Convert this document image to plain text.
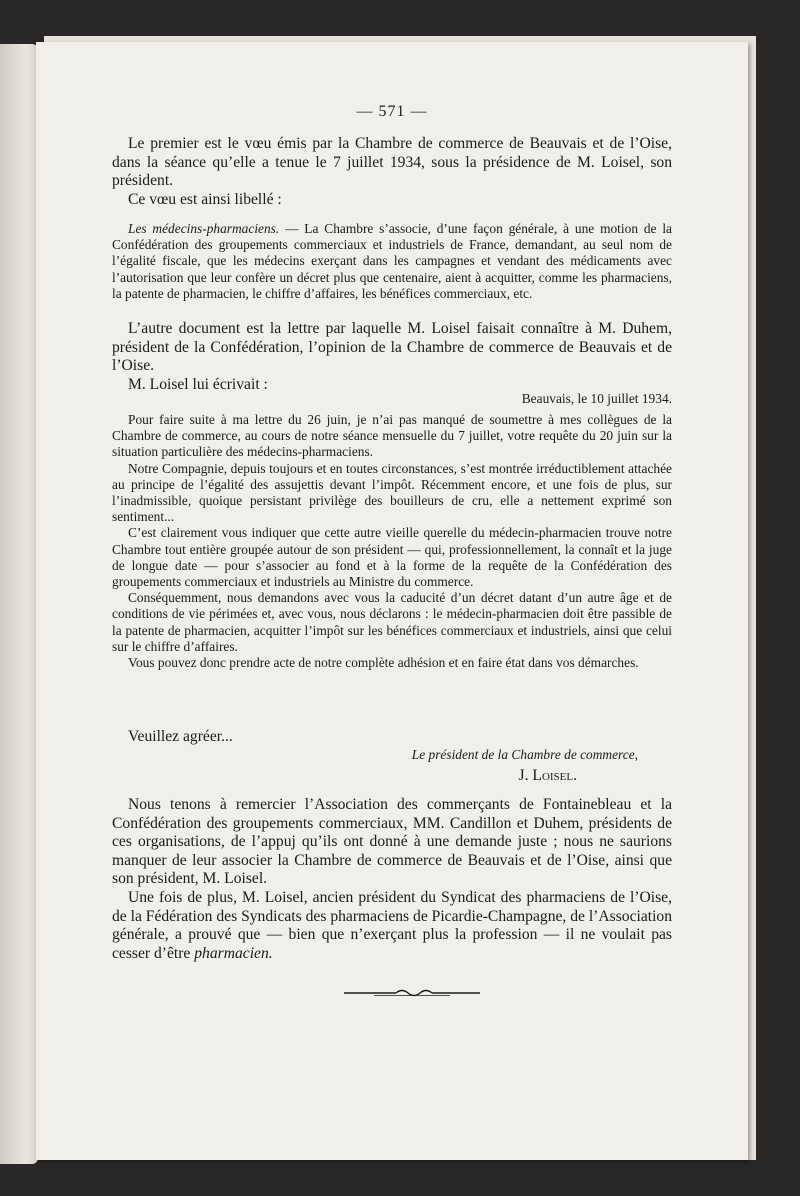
— 571 —

Le premier est le vœu émis par la Chambre de commerce de Beauvais et de l’Oise, dans la séance qu’elle a tenue le 7 juillet 1934, sous la présidence de M. Loisel, son président.

Ce vœu est ainsi libellé :

Les médecins-pharmaciens. — La Chambre s’associe, d’une façon générale, à une motion de la Confédération des groupements commerciaux et industriels de France, demandant, au seul nom de l’égalité fiscale, que les médecins exerçant dans les campagnes et vendant des médicaments avec l’autorisation que leur confère un décret plus que centenaire, aient à acquitter, comme les pharmaciens, la patente de pharmacien, le chiffre d’affaires, les bénéfices commerciaux, etc.

L’autre document est la lettre par laquelle M. Loisel faisait connaître à M. Duhem, président de la Confédération, l’opinion de la Chambre de commerce de Beauvais et de l’Oise.

M. Loisel lui écrivait :

Beauvais, le 10 juillet 1934.

Pour faire suite à ma lettre du 26 juin, je n’ai pas manqué de soumettre à mes collègues de la Chambre de commerce, au cours de notre séance mensuelle du 7 juillet, votre requête du 20 juin sur la situation particulière des médecins-pharmaciens.

Notre Compagnie, depuis toujours et en toutes circonstances, s’est montrée irréductiblement attachée au principe de l’égalité des assujettis devant l’impôt. Récemment encore, et une fois de plus, sur l’inadmissible, quoique persistant privilège des bouilleurs de cru, elle a nettement exprimé son sentiment...

C’est clairement vous indiquer que cette autre vieille querelle du médecin-pharmacien trouve notre Chambre tout entière groupée autour de son président — qui, professionnellement, la connaît et la juge de longue date — pour s’associer au fond et à la forme de la requête de la Confédération des groupements commerciaux et industriels au Ministre du commerce.

Conséquemment, nous demandons avec vous la caducité d’un décret datant d’un autre âge et de conditions de vie périmées et, avec vous, nous déclarons : le médecin-pharmacien doit être passible de la patente de pharmacien, acquitter l’impôt sur les bénéfices commerciaux et industriels, ainsi que celui sur le chiffre d’affaires.

Vous pouvez donc prendre acte de notre complète adhésion et en faire état dans vos démarches.

Veuillez agréer...

Le président de la Chambre de commerce,

J. Loisel.

Nous tenons à remercier l’Association des commerçants de Fontainebleau et la Confédération des groupements commerciaux, MM. Candillon et Duhem, présidents de ces organisations, de l’appuj qu’ils ont donné à une demande juste ; nous ne saurions manquer de leur associer la Chambre de commerce de Beauvais et de l’Oise, ainsi que son président, M. Loisel.

Une fois de plus, M. Loisel, ancien président du Syndicat des pharmaciens de l’Oise, de la Fédération des Syndicats des pharmaciens de Picardie-Champagne, de l’Association générale, a prouvé que — bien que n’exerçant plus la profession — il ne voulait pas cesser d’être pharmacien.
